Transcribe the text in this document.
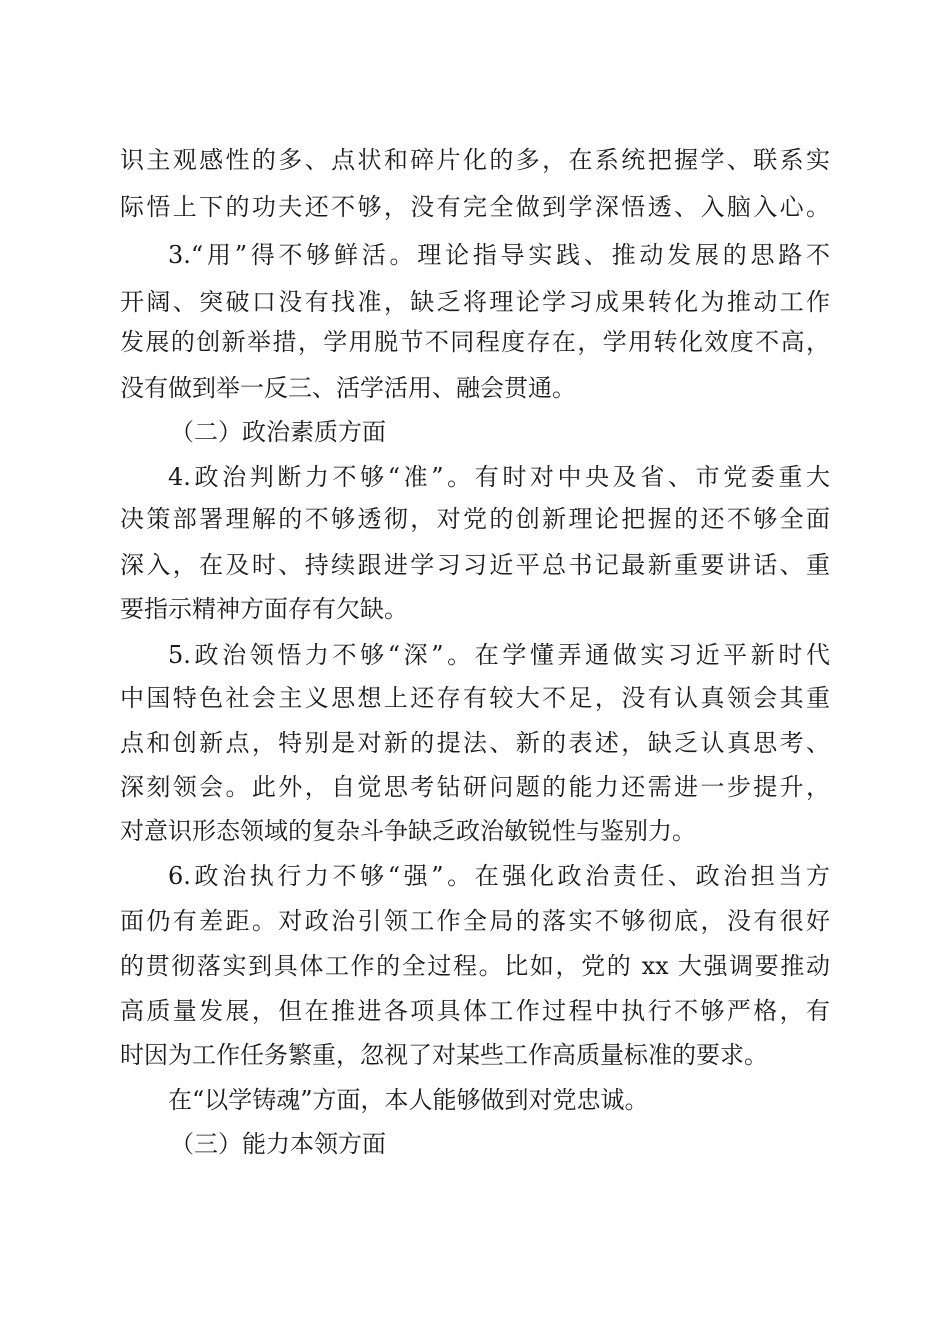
识主观感性的多、点状和碎片化的多，在系统把握学、联系实
际悟上下的功夫还不够，没有完全做到学深悟透、入脑入心。
3.“用”得不够鲜活。理论指导实践、推动发展的思路不
开阔、突破口没有找准，缺乏将理论学习成果转化为推动工作
发展的创新举措，学用脱节不同程度存在，学用转化效度不高，
没有做到举一反三、活学活用、融会贯通。
（二）政治素质方面
4.政治判断力不够“准”。有时对中央及省、市党委重大
决策部署理解的不够透彻，对党的创新理论把握的还不够全面
深入，在及时、持续跟进学习习近平总书记最新重要讲话、重
要指示精神方面存有欠缺。
5.政治领悟力不够“深”。在学懂弄通做实习近平新时代
中国特色社会主义思想上还存有较大不足，没有认真领会其重
点和创新点，特别是对新的提法、新的表述，缺乏认真思考、
深刻领会。此外，自觉思考钻研问题的能力还需进一步提升，
对意识形态领域的复杂斗争缺乏政治敏锐性与鉴别力。
6.政治执行力不够“强”。在强化政治责任、政治担当方
面仍有差距。对政治引领工作全局的落实不够彻底，没有很好
的贯彻落实到具体工作的全过程。比如，党的 xx 大强调要推动
高质量发展，但在推进各项具体工作过程中执行不够严格，有
时因为工作任务繁重，忽视了对某些工作高质量标准的要求。
在“以学铸魂”方面，本人能够做到对党忠诚。
（三）能力本领方面
